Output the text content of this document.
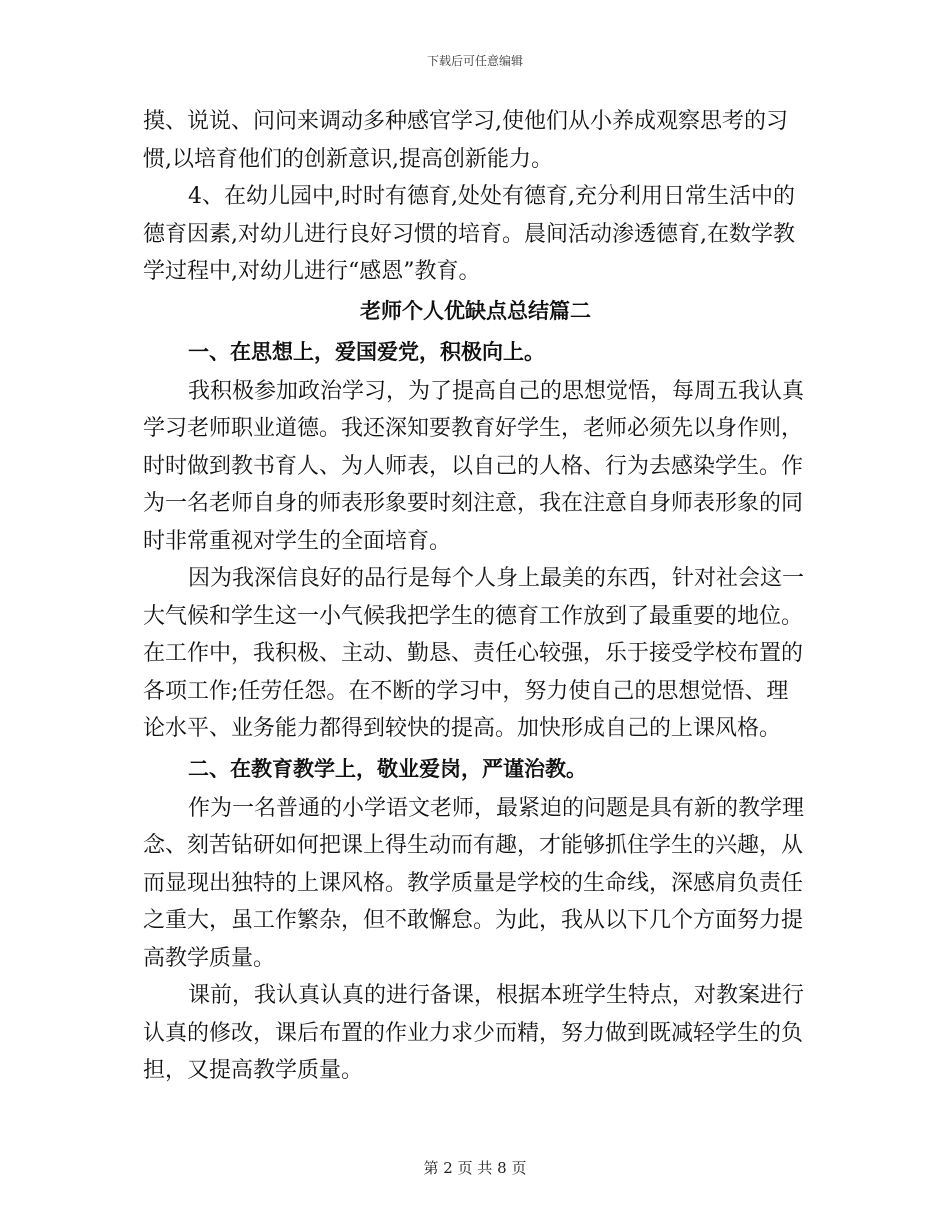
下载后可任意编辑

摸、说说、问问来调动多种感官学习,使他们从小养成观察思考的习惯,以培育他们的创新意识,提高创新能力。

4、在幼儿园中,时时有德育,处处有德育,充分利用日常生活中的德育因素,对幼儿进行良好习惯的培育。晨间活动渗透德育,在数学教学过程中,对幼儿进行“感恩”教育。

老师个人优缺点总结篇二

一、在思想上，爱国爱党，积极向上。

我积极参加政治学习，为了提高自己的思想觉悟，每周五我认真学习老师职业道德。我还深知要教育好学生，老师必须先以身作则，时时做到教书育人、为人师表，以自己的人格、行为去感染学生。作为一名老师自身的师表形象要时刻注意，我在注意自身师表形象的同时非常重视对学生的全面培育。

因为我深信良好的品行是每个人身上最美的东西，针对社会这一大气候和学生这一小气候我把学生的德育工作放到了最重要的地位。在工作中，我积极、主动、勤恳、责任心较强，乐于接受学校布置的各项工作;任劳任怨。在不断的学习中，努力使自己的思想觉悟、理论水平、业务能力都得到较快的提高。加快形成自己的上课风格。

二、在教育教学上，敬业爱岗，严谨治教。

作为一名普通的小学语文老师，最紧迫的问题是具有新的教学理念、刻苦钻研如何把课上得生动而有趣，才能够抓住学生的兴趣，从而显现出独特的上课风格。教学质量是学校的生命线，深感肩负责任之重大，虽工作繁杂，但不敢懈怠。为此，我从以下几个方面努力提高教学质量。

课前，我认真认真的进行备课，根据本班学生特点，对教案进行认真的修改，课后布置的作业力求少而精，努力做到既减轻学生的负担，又提高教学质量。

第 2 页 共 8 页
